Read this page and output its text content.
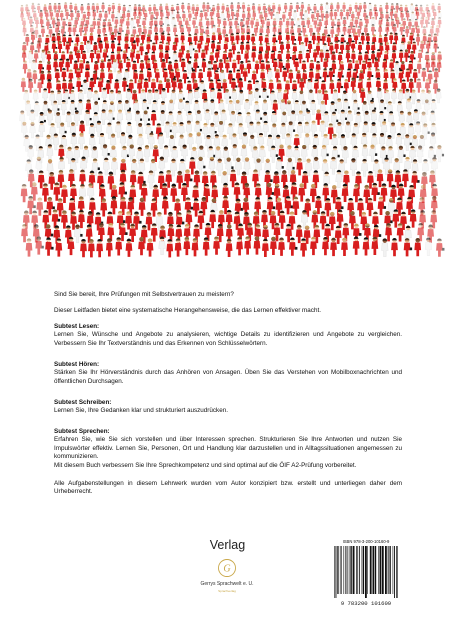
Sind Sie bereit, Ihre Prüfungen mit Selbstvertrauen zu meistern?

Dieser Leitfaden bietet eine systematische Herangehensweise, die das Lernen effektiver macht.

Subtest Lesen:

Lernen Sie, Wünsche und Angebote zu analysieren, wichtige Details zu identifizieren und Angebote zu vergleichen. Verbessern Sie Ihr Textverständnis und das Erkennen von Schlüsselwörtern.

Subtest Hören:

Stärken Sie Ihr Hörverständnis durch das Anhören von Ansagen. Üben Sie das Verstehen von Mobilboxnachrichten und öffentlichen Durchsagen.

Subtest Schreiben:

Lernen Sie, Ihre Gedanken klar und strukturiert auszudrücken.

Subtest Sprechen:

Erfahren Sie, wie Sie sich vorstellen und über Interessen sprechen. Strukturieren Sie Ihre Antworten und nutzen Sie Impulswörter effektiv. Lernen Sie, Personen, Ort und Handlung klar darzustellen und in Alltagssituationen angemessen zu kommunizieren.

Mit diesem Buch verbessern Sie Ihre Sprechkompetenz und sind optimal auf die ÖIF A2-Prüfung vorbereitet.

Alle Aufgabenstellungen in diesem Lehrwerk wurden vom Autor konzipiert bzw. erstellt und unterliegen daher dem Urheberrecht.

Verlag
G
Gerrys Sprachwelt e. U.
Sprachverlag
ISBN 978-3-200-10160-9
9 783200 101609
